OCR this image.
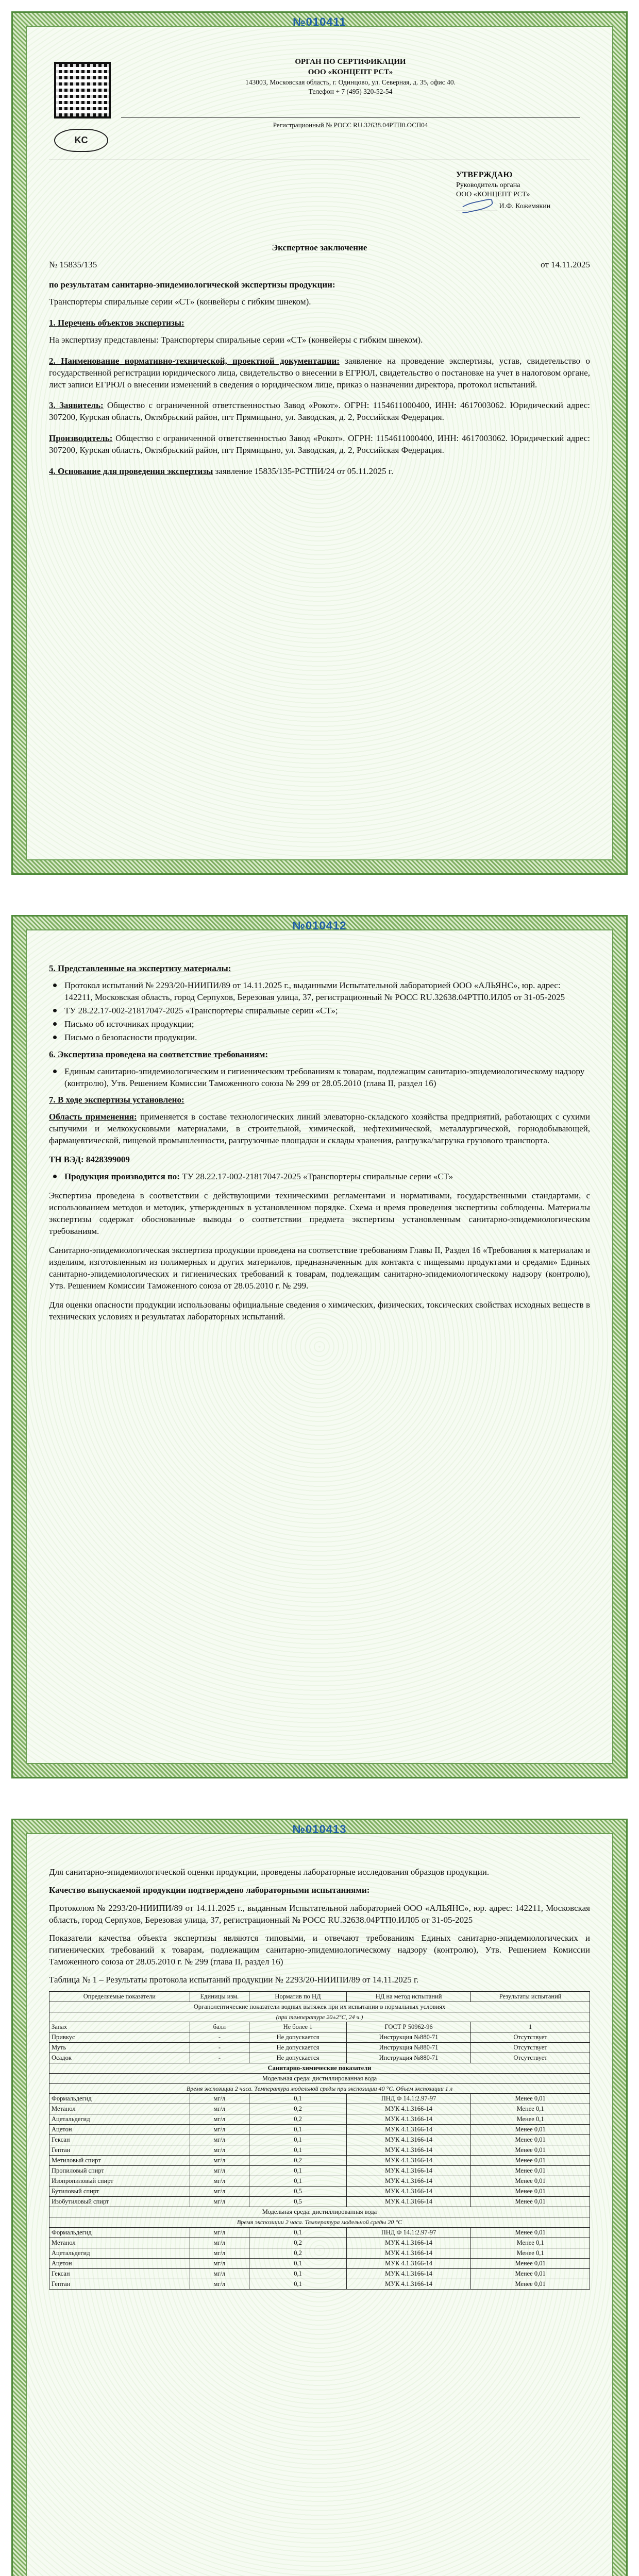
№010411
ОРГАН ПО СЕРТИФИКАЦИИ
ООО «КОНЦЕПТ РСТ»
143003, Московская область, г. Одинцово, ул. Северная, д. 35, офис 40.
Телефон + 7 (495) 320-52-54
Регистрационный № РОСС RU.32638.04РТП0.ОСП04
KC
УТВЕРЖДАЮ
Руководитель органа
ООО «КОНЦЕПТ РСТ»
И.Ф. Кожемякин

Экспертное заключение

№ 15835/135	от 14.11.2025

по результатам санитарно-эпидемиологической экспертизы продукции:

Транспортеры спиральные серии «СТ» (конвейеры с гибким шнеком).

1. Перечень объектов экспертизы:

На экспертизу представлены: Транспортеры спиральные серии «СТ» (конвейеры с гибким шнеком).

2. Наименование нормативно-технической, проектной документации: заявление на проведение экспертизы, устав, свидетельство о государственной регистрации юридического лица, свидетельство о внесении в ЕГРЮЛ, свидетельство о постановке на учет в налоговом органе, лист записи ЕГРЮЛ о внесении изменений в сведения о юридическом лице, приказ о назначении директора, протокол испытаний.

3. Заявитель: Общество с ограниченной ответственностью Завод «Рокот». ОГРН: 1154611000400, ИНН: 4617003062. Юридический адрес: 307200, Курская область, Октябрьский район, пгт Прямицыно, ул. Заводская, д. 2, Российская Федерация.

Производитель: Общество с ограниченной ответственностью Завод «Рокот». ОГРН: 1154611000400, ИНН: 4617003062. Юридический адрес: 307200, Курская область, Октябрьский район, пгт Прямицыно, ул. Заводская, д. 2, Российская Федерация.

4. Основание для проведения экспертизы заявление 15835/135-РСТПИ/24 от 05.11.2025 г.

№010412

5. Представленные на экспертизу материалы:

Протокол испытаний № 2293/20-НИИПИ/89 от 14.11.2025 г., выданными Испытательной лабораторией ООО «АЛЬЯНС», юр. адрес: 142211, Московская область, город Серпухов, Березовая улица, 37, регистрационный № РОСС RU.32638.04РТП0.ИЛ05 от 31-05-2025
ТУ 28.22.17-002-21817047-2025 «Транспортеры спиральные серии «СТ»;
Письмо об источниках продукции;
Письмо о безопасности продукции.

6. Экспертиза проведена на соответствие требованиям:

Единым санитарно-эпидемиологическим и гигиеническим требованиям к товарам, подлежащим санитарно-эпидемиологическому надзору (контролю), Утв. Решением Комиссии Таможенного союза № 299 от 28.05.2010 (глава II, раздел 16)

7. В ходе экспертизы установлено:

Область применения: применяется в составе технологических линий элеваторно-складского хозяйства предприятий, работающих с сухими сыпучими и мелкокусковыми материалами, в строительной, химической, нефтехимической, металлургической, горнодобывающей, фармацевтической, пищевой промышленности, разгрузочные площадки и склады хранения, разгрузка/загрузка грузового транспорта.

ТН ВЭД: 8428399009

Продукция производится по: ТУ 28.22.17-002-21817047-2025 «Транспортеры спиральные серии «СТ»

Экспертиза проведена в соответствии с действующими техническими регламентами и нормативами, государственными стандартами, с использованием методов и методик, утвержденных в установленном порядке. Схема и время проведения экспертизы соблюдены. Материалы экспертизы содержат обоснованные выводы о соответствии предмета экспертизы установленным санитарно-эпидемиологическим требованиям.

Санитарно-эпидемиологическая экспертиза продукции проведена на соответствие требованиям Главы II, Раздел 16 «Требования к материалам и изделиям, изготовленным из полимерных и других материалов, предназначенным для контакта с пищевыми продуктами и средами» Единых санитарно-эпидемиологических и гигиенических требований к товарам, подлежащим санитарно-эпидемиологическому надзору (контролю), Утв. Решением Комиссии Таможенного союза от 28.05.2010 г. № 299.

Для оценки опасности продукции использованы официальные сведения о химических, физических, токсических свойствах исходных веществ в технических условиях и результатах лабораторных испытаний.

№010413

Для санитарно-эпидемиологической оценки продукции, проведены лабораторные исследования образцов продукции.

Качество выпускаемой продукции подтверждено лабораторными испытаниями:

Протоколом № 2293/20-НИИПИ/89 от 14.11.2025 г., выданным Испытательной лабораторией ООО «АЛЬЯНС», юр. адрес: 142211, Московская область, город Серпухов, Березовая улица, 37, регистрационный № РОСС RU.32638.04РТП0.ИЛ05 от 31-05-2025

Показатели качества объекта экспертизы являются типовыми, и отвечают требованиям Единых санитарно-эпидемиологических и гигиенических требований к товарам, подлежащим санитарно-эпидемиологическому надзору (контролю), Утв. Решением Комиссии Таможенного союза от 28.05.2010 г. № 299 (глава II, раздел 16)

Таблица № 1 – Результаты протокола испытаний продукции № 2293/20-НИИПИ/89 от 14.11.2025 г.

Определяемые показатели	Единицы изм.	Норматив по НД	НД на метод испытаний	Результаты испытаний
Органолептические показатели водных вытяжек при их испытании в нормальных условиях				
(при температуре 20±2°С, 24 ч.)				
Запах	балл	Не более 1	ГОСТ Р 50962-96	1
Привкус	-	Не допускается	Инструкция №880-71	Отсутствует
Муть	-	Не допускается	Инструкция №880-71	Отсутствует
Осадок	-	Не допускается	Инструкция №880-71	Отсутствует
Санитарно-химические показатели				
Модельная среда: дистиллированная вода				
Время экспозиции 2 часа. Температура модельной среды при экспозиции 40 °С. Объем экспозиции 1 л				
Формальдегид	мг/л	0,1	ПНД Ф 14.1:2.97-97	Менее 0,01
Метанол	мг/л	0,2	МУК 4.1.3166-14	Менее 0,1
Ацетальдегид	мг/л	0,2	МУК 4.1.3166-14	Менее 0,1
Ацетон	мг/л	0,1	МУК 4.1.3166-14	Менее 0,01
Гексан	мг/л	0,1	МУК 4.1.3166-14	Менее 0,01
Гептан	мг/л	0,1	МУК 4.1.3166-14	Менее 0,01
Метиловый спирт	мг/л	0,2	МУК 4.1.3166-14	Менее 0,01
Пропиловый спирт	мг/л	0,1	МУК 4.1.3166-14	Менее 0,01
Изопропиловый спирт	мг/л	0,1	МУК 4.1.3166-14	Менее 0,01
Бутиловый спирт	мг/л	0,5	МУК 4.1.3166-14	Менее 0,01
Изобутиловый спирт	мг/л	0,5	МУК 4.1.3166-14	Менее 0,01
Модельная среда: дистиллированная вода				
Время экспозиции 2 часа. Температура модельной среды 20 °С				
Формальдегид	мг/л	0,1	ПНД Ф 14.1:2.97-97	Менее 0,01
Метанол	мг/л	0,2	МУК 4.1.3166-14	Менее 0,1
Ацетальдегид	мг/л	0,2	МУК 4.1.3166-14	Менее 0,1
Ацетон	мг/л	0,1	МУК 4.1.3166-14	Менее 0,01
Гексан	мг/л	0,1	МУК 4.1.3166-14	Менее 0,01
Гептан	мг/л	0,1	МУК 4.1.3166-14	Менее 0,01
